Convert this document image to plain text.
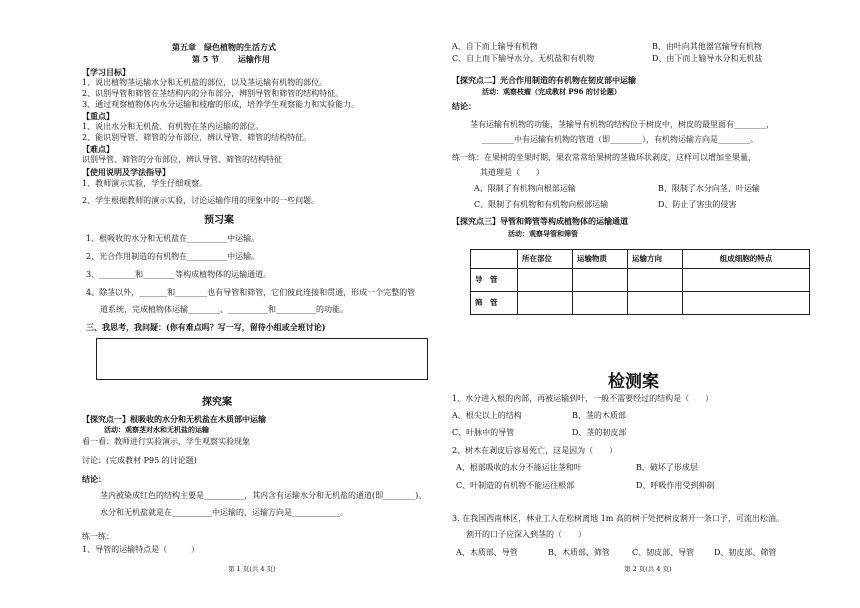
第五章　绿色植物的生活方式
第 5 节　　 运输作用
【学习目标】
1、说出植物茎运输水分和无机盐的部位，以及茎运输有机物的部位。
2、识别导管和筛管在茎结构内的分布部分，辨别导管和筛管的结构特征。
3、通过观察植物体内水分运输和枝瘤的形成，培养学生观察能力和实验能力。
【重点】
1、说出水分和无机盐、有机物在茎内运输的部位。
2、能识别导管、筛管的分布部位，辨认导管、筛管的结构特征。
【难点】
识别导管、筛管的分布部位，辨认导管、筛管的结构特征
【使用说明及学法指导】
1、教师演示实验，学生仔细观察。
2、学生根据教师的演示实验，讨论运输作用的现象中的一些问题。
预习案
1、根吸收的水分和无机盐在__________中运输。
2、光合作用制造的有机物在__________中运输。
3、_________和________等构成植物体的运输通道。
4、除茎以外，_______和________也有导管和筛管，它们彼此连接和贯通，形成一个完整的管
道系统，完成植物体运输________、__________和__________的功能。
三、我思考，我问疑：(你有难点吗？写一写，留待小组或全班讨论)
探究案
【探究点一】根吸收的水分和无机盐在木质部中运输
活动：观察茎对水和无机盐的运输
看一看：教师进行实验演示，学生观察实验现象
讨论：(完成教材 P95 的讨论题)
结论：
茎内被染成红色的结构主要是__________，其内含有运输水分和无机盐的通道(即________)。
水分和无机盐就是在__________中运输的，运输方向是____________。
练一练：
1、导管的运输特点是（　　　）
第 1 页(共 4 页)
A、自下而上输导有机物	B、由叶向其他器官输导有机物
C、自上而下输导水分、无机盐和有机物	D、由下而上输导水分和无机盐
【探究点二】光合作用制造的有机物在韧皮部中运输
活动：观察枝瘤（完成教材 P96 的讨论题）
结论：
茎有运输有机物的功能，茎输导有机物的结构位于树皮中，树皮的最里面有________，
________中有运输有机物的管道（即________），有机物运输方向是________。
练一练：在果树的坐果时期，果农常常给果树的茎做环状剥皮，这样可以增加坐果量，
其道理是（　　）
A、限制了有机物向根部运输	B、限制了水分向茎、叶运输
C、限制了有机物和有机物向根部运输	D、防止了害虫的侵害
【探究点三】导管和筛管等构成植物体的运输通道
活动：观察导管和筛管
	所在部位	运输物质	运输方向	组成细胞的特点
导　管				
筛　管				
检测案
1、水分进入根的内部，再被运输到叶，一般不需要经过的结构是（　　）
A、根尖以上的结构	B、茎的木质部
C、叶脉中的导管	D、茎的韧皮部
2、树木在剥皮后容易死亡，这是因为（　　）
A、根部吸收的水分不能运往茎和叶	B、破坏了形成层
C、叶制造的有机物不能运往根部	D、呼吸作用受到抑制
3. 在我国西南林区，林业工人在松树离地 1m 高的树干处把树皮割开一条口子，可流出松油。
割开的口子应深入到茎的（　　）
A、木质部、导管	B、木质部、筛管	C、韧皮部、导管 D、韧皮部、筛管
第 2 页(共 4 页)
